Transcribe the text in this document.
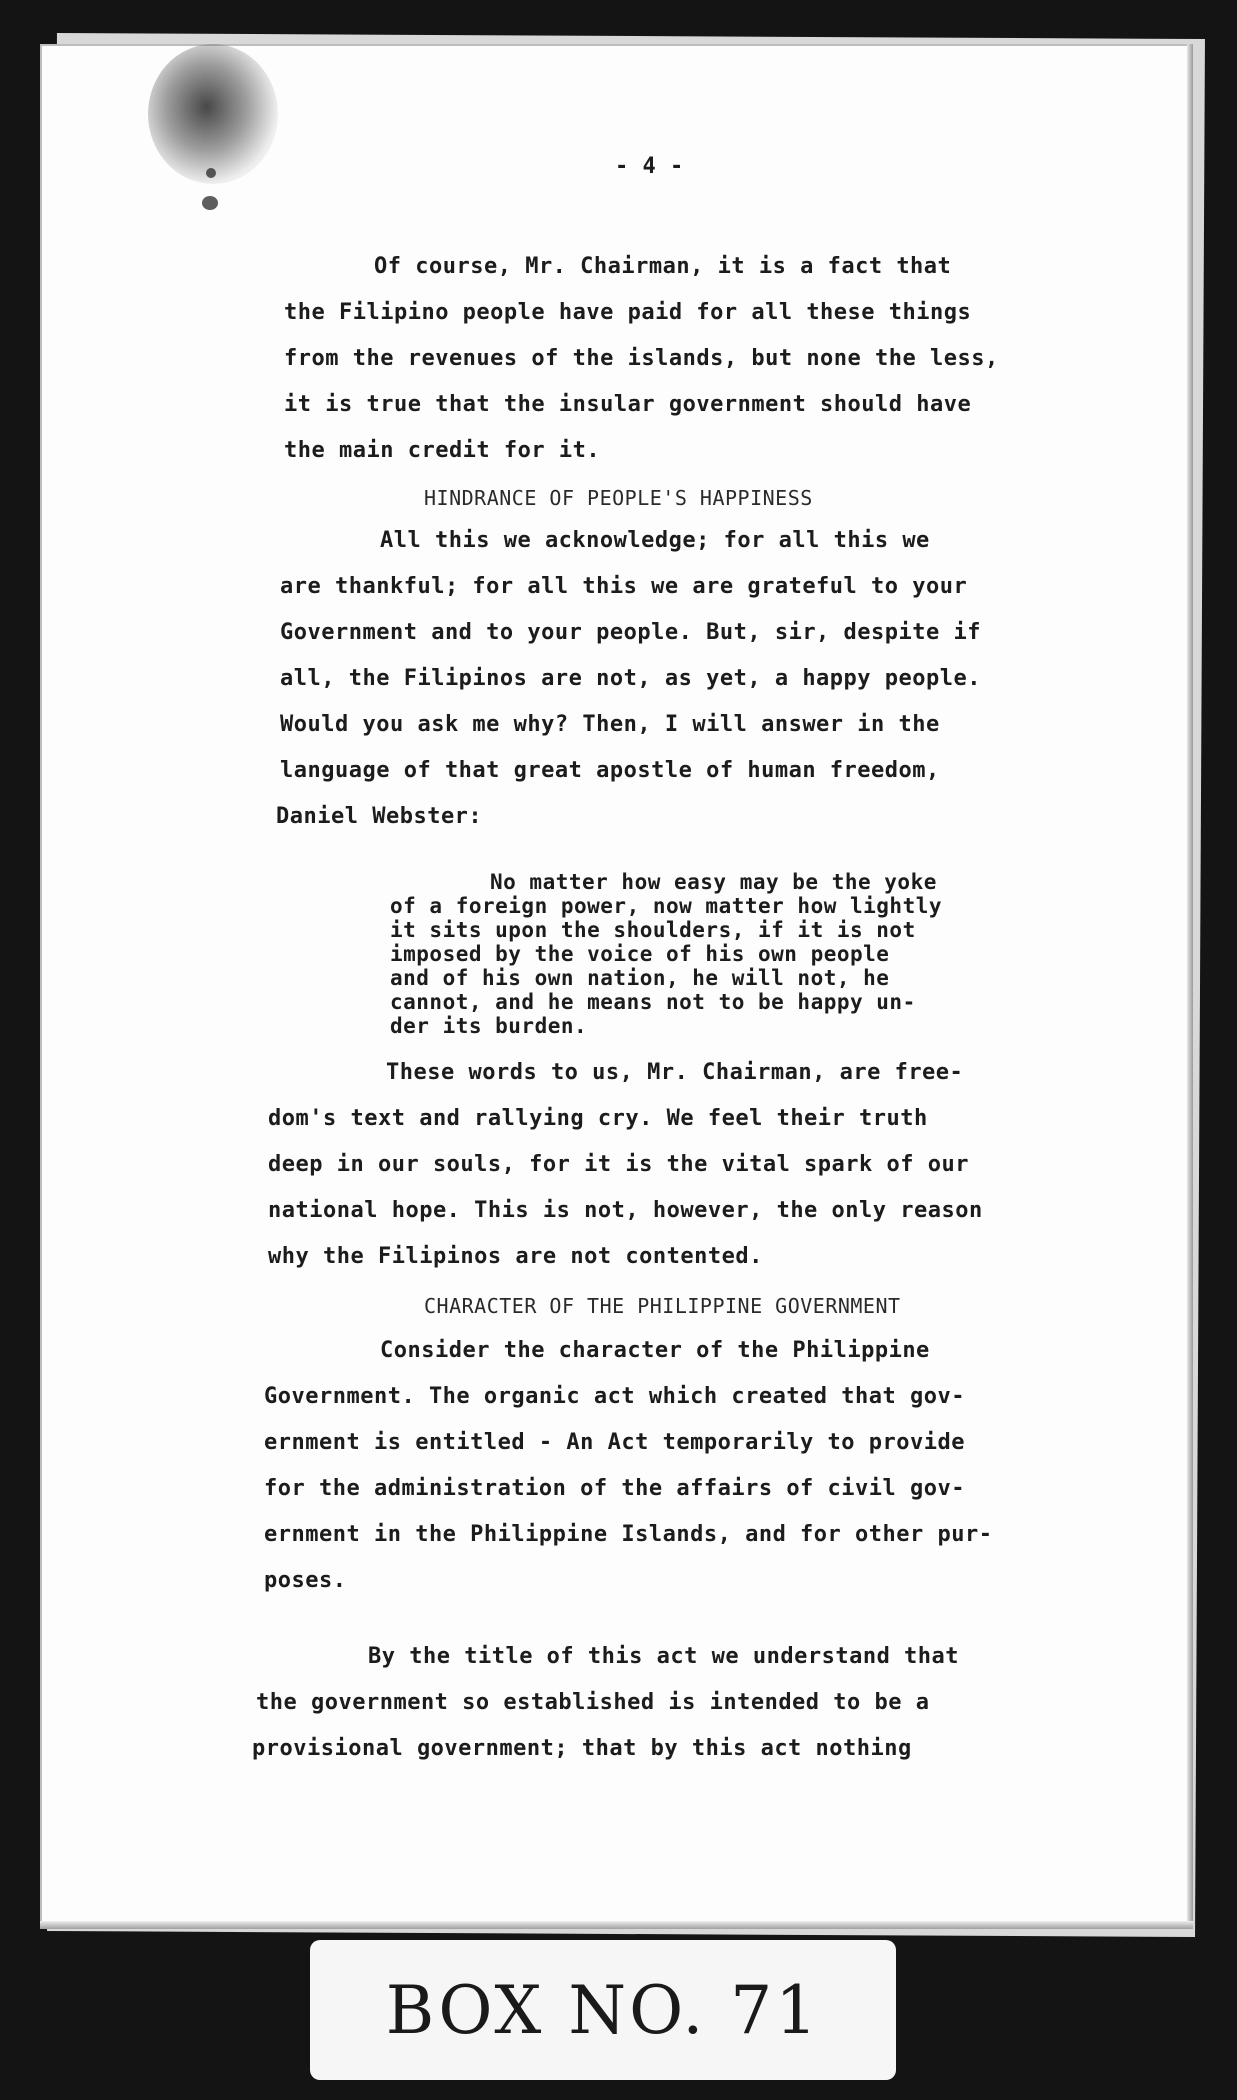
- 4 -
Of course, Mr. Chairman, it is a fact that
the Filipino people have paid for all these things
from the revenues of the islands, but none the less,
it is true that the insular government should have
the main credit for it.
HINDRANCE OF PEOPLE'S HAPPINESS
All this we acknowledge; for all this we
are thankful; for all this we are grateful to your
Government and to your people. But, sir, despite if
all, the Filipinos are not, as yet, a happy people.
Would you ask me why? Then, I will answer in the
language of that great apostle of human freedom,
Daniel Webster:
No matter how easy may be the yoke
of a foreign power, now matter how lightly
it sits upon the shoulders, if it is not
imposed by the voice of his own people
and of his own nation, he will not, he
cannot, and he means not to be happy un-
der its burden.
These words to us, Mr. Chairman, are free-
dom's text and rallying cry. We feel their truth
deep in our souls, for it is the vital spark of our
national hope. This is not, however, the only reason
why the Filipinos are not contented.
CHARACTER OF THE PHILIPPINE GOVERNMENT
Consider the character of the Philippine
Government. The organic act which created that gov-
ernment is entitled - An Act temporarily to provide
for the administration of the affairs of civil gov-
ernment in the Philippine Islands, and for other pur-
poses.
By the title of this act we understand that
the government so established is intended to be a
provisional government; that by this act nothing
BOX NO. 71
